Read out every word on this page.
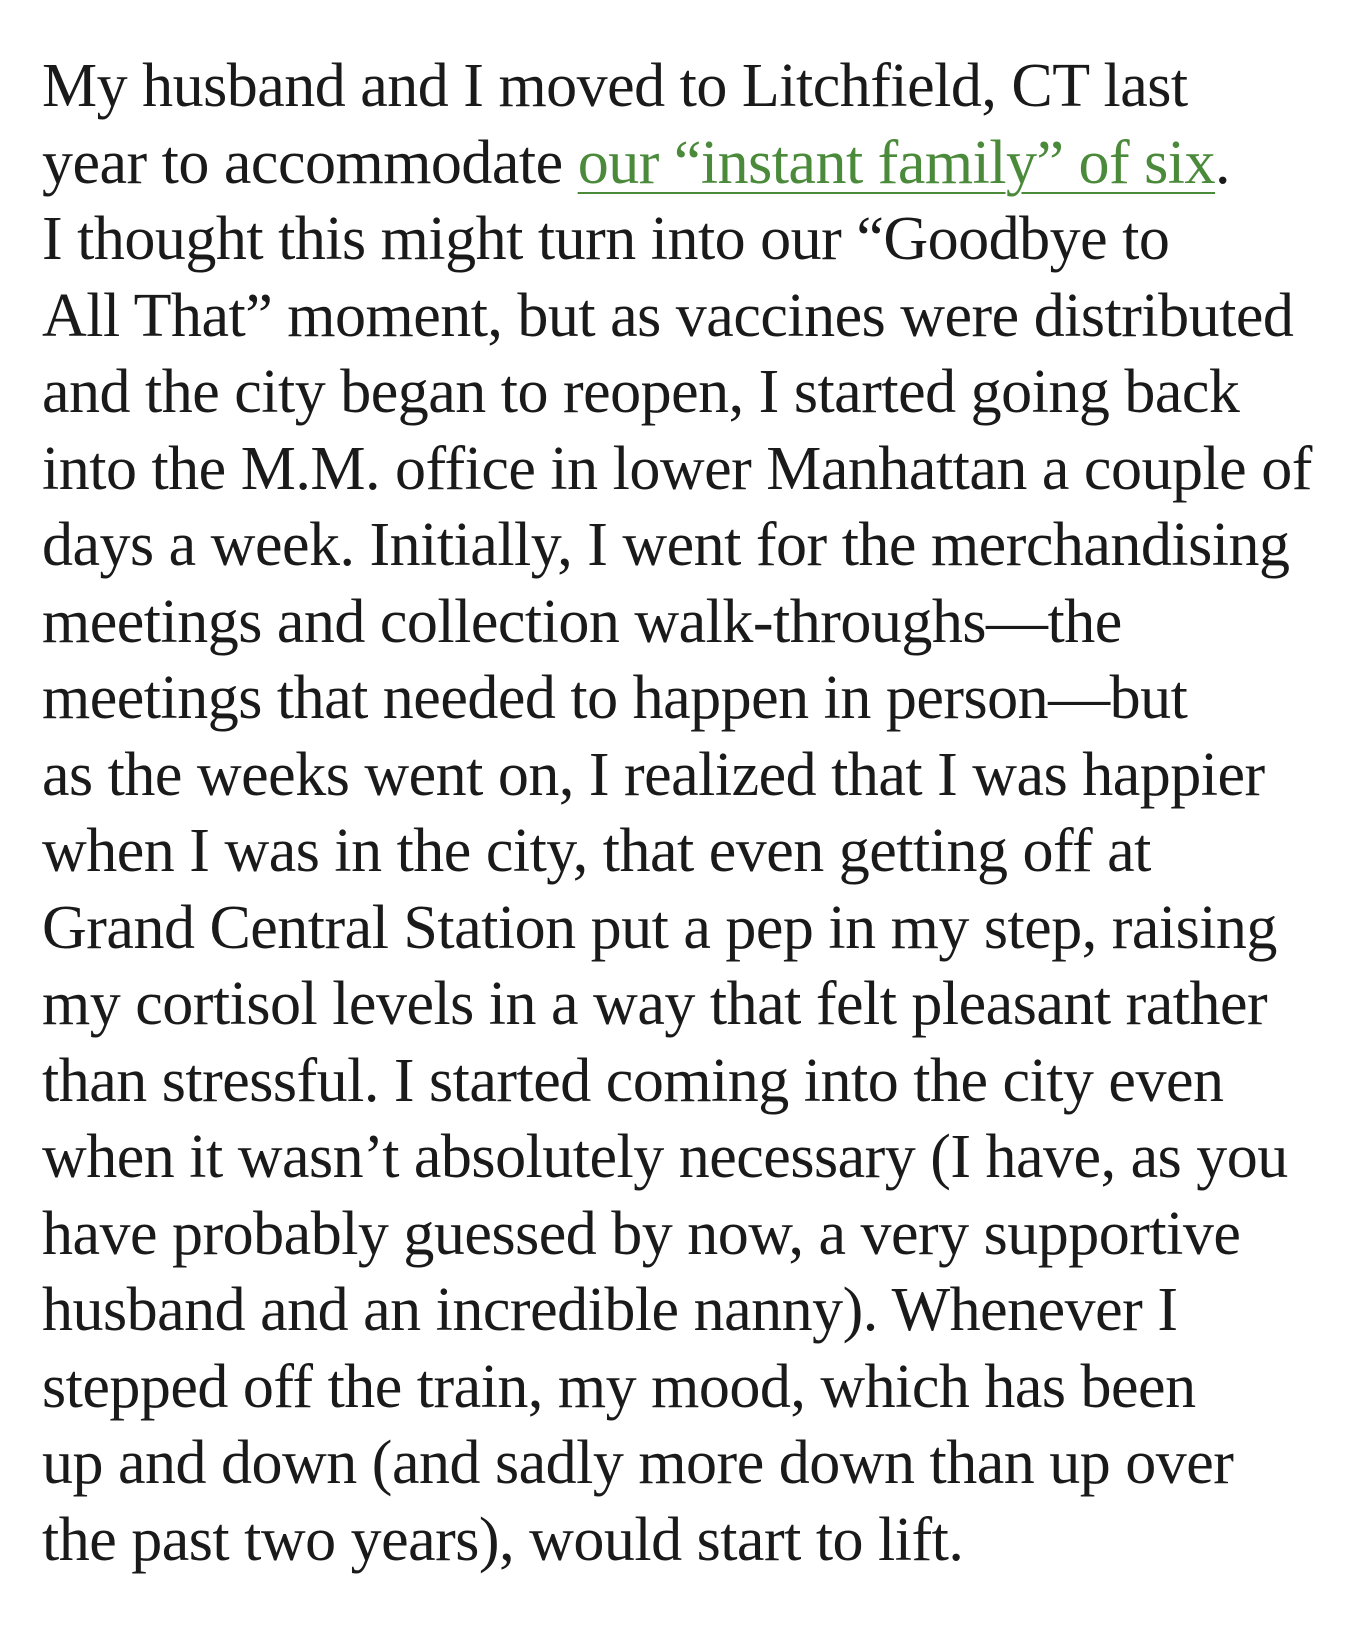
My husband and I moved to Litchfield, CT last
year to accommodate our “instant family” of six.
I thought this might turn into our “Goodbye to
All That” moment, but as vaccines were distributed
and the city began to reopen, I started going back
into the M.M. office in lower Manhattan a couple of
days a week. Initially, I went for the merchandising
meetings and collection walk-throughs—the
meetings that needed to happen in person—but
as the weeks went on, I realized that I was happier
when I was in the city, that even getting off at
Grand Central Station put a pep in my step, raising
my cortisol levels in a way that felt pleasant rather
than stressful. I started coming into the city even
when it wasn’t absolutely necessary (I have, as you
have probably guessed by now, a very supportive
husband and an incredible nanny). Whenever I
stepped off the train, my mood, which has been
up and down (and sadly more down than up over
the past two years), would start to lift.
